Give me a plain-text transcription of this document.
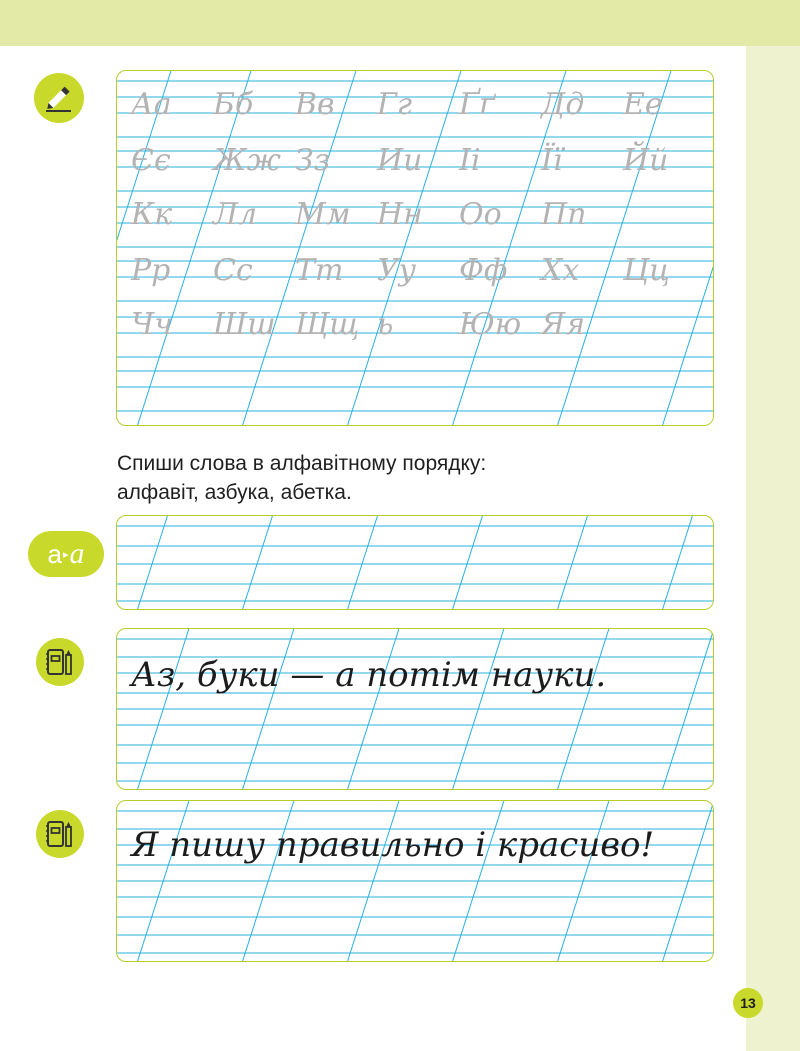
Аа Бб Вв Гг Ґґ Дд Ее
Єє Жж Зз Ии Іі Її Йй
Кк Лл Мм Нн Оо Пп
Рр Сс Тт Уу Фф Хх Цц
Чч Шш Щщ ь Юю Яя
Спиши слова в алфавітному порядку:
алфавіт, азбука, абетка.
а ▸ а
Аз, буки — а потім науки.
Я пишу правильно і красиво!
13
